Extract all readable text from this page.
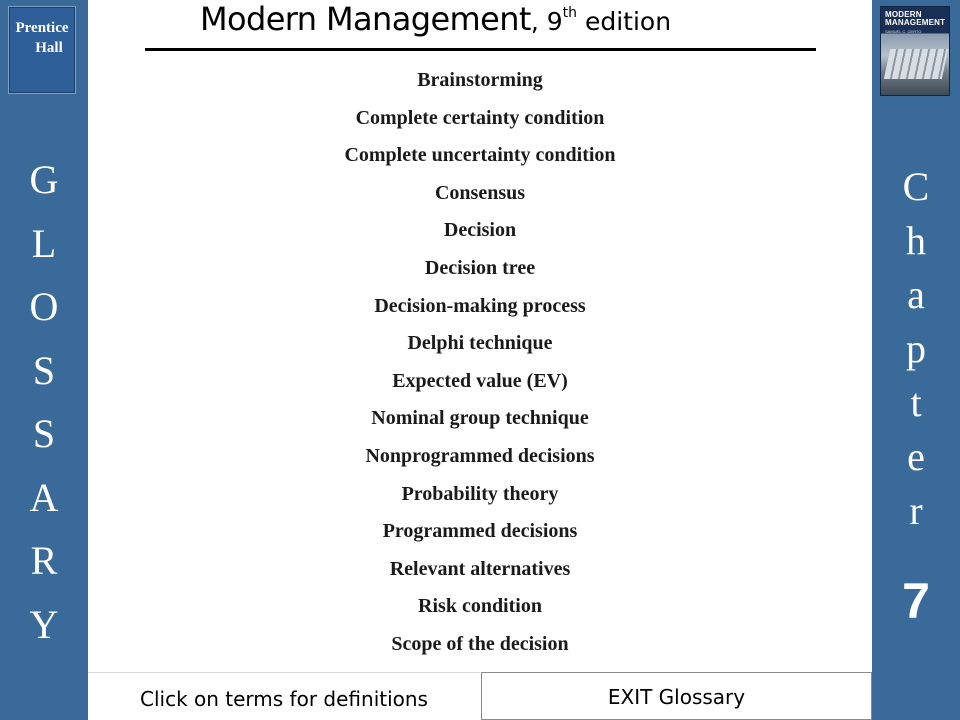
Prentice
Hall
G
L
O
S
S
A
R
Y
MODERN
MANAGEMENT
SAMUEL C. CERTO
C
h
a
p
t
e
r
7
Modern Management, 9th edition
Brainstorming
Complete certainty condition
Complete uncertainty condition
Consensus
Decision
Decision tree
Decision-making process
Delphi technique
Expected value (EV)
Nominal group technique
Nonprogrammed decisions
Probability theory
Programmed decisions
Relevant alternatives
Risk condition
Scope of the decision
Click on terms for definitions	EXIT Glossary
